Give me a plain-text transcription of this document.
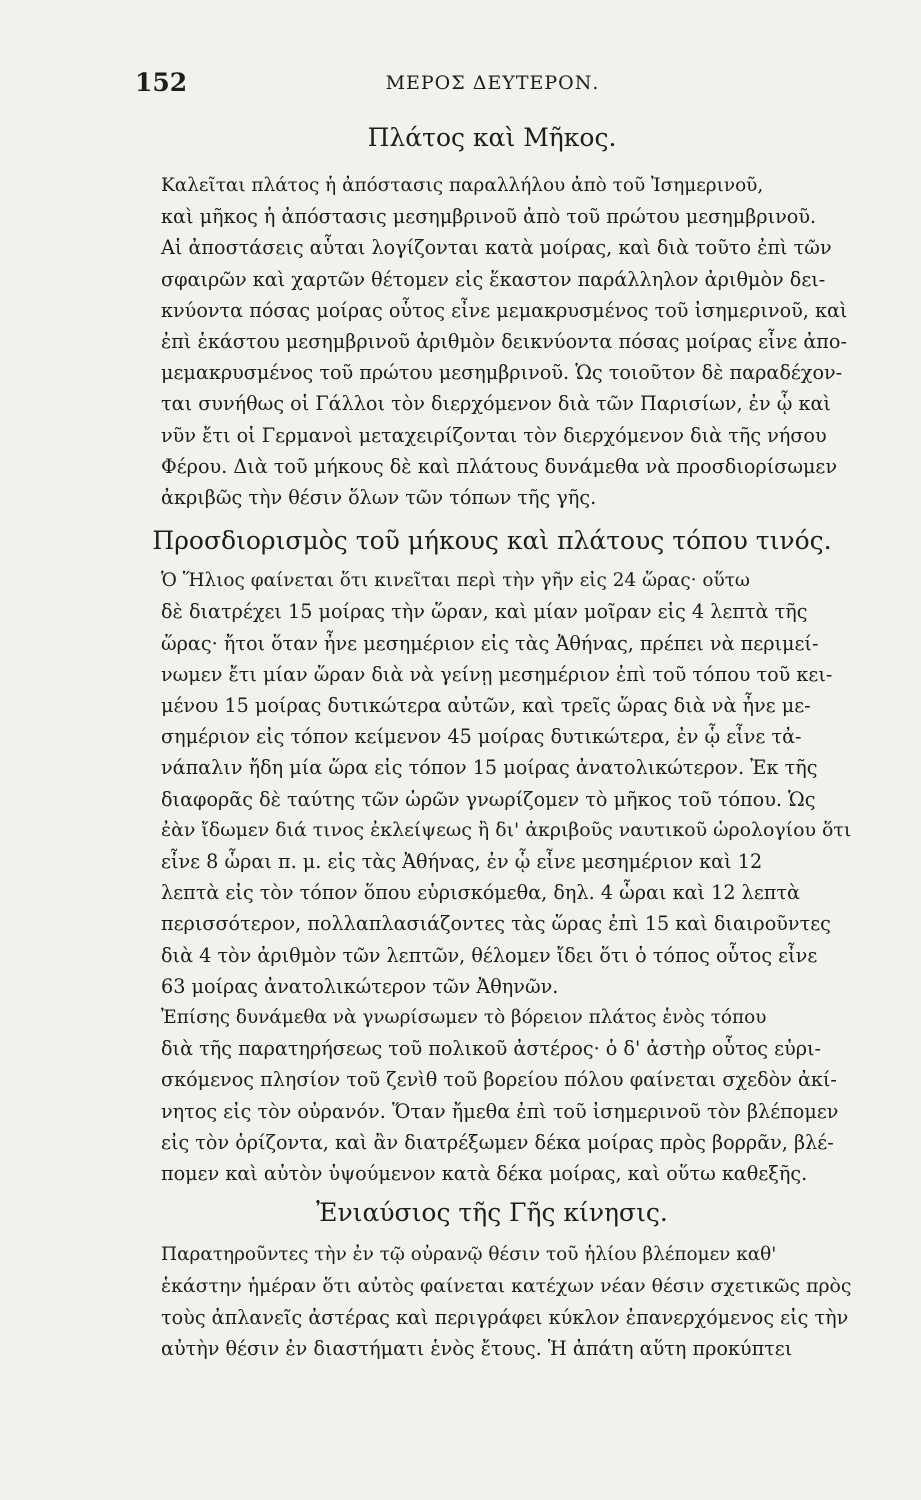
152	ΜΕΡΟΣ ΔΕΥΤΕΡΟΝ.
Πλάτος καὶ Μῆκος.

Καλεῖται πλάτος ἡ ἀπόστασις παραλλήλου ἀπὸ τοῦ Ἰσημερινοῦ,
καὶ μῆκος ἡ ἀπόστασις μεσημβρινοῦ ἀπὸ τοῦ πρώτου μεσημβρινοῦ.
Αἱ ἀποστάσεις αὗται λογίζονται κατὰ μοίρας, καὶ διὰ τοῦτο ἐπὶ τῶν
σφαιρῶν καὶ χαρτῶν θέτομεν εἰς ἕκαστον παράλληλον ἀριθμὸν δει-
κνύοντα πόσας μοίρας οὗτος εἶνε μεμακρυσμένος τοῦ ἰσημερινοῦ, καὶ
ἐπὶ ἑκάστου μεσημβρινοῦ ἀριθμὸν δεικνύοντα πόσας μοίρας εἶνε ἀπο-
μεμακρυσμένος τοῦ πρώτου μεσημβρινοῦ. Ὡς τοιοῦτον δὲ παραδέχον-
ται συνήθως οἱ Γάλλοι τὸν διερχόμενον διὰ τῶν Παρισίων, ἐν ᾧ καὶ
νῦν ἔτι οἱ Γερμανοὶ μεταχειρίζονται τὸν διερχόμενον διὰ τῆς νήσου
Φέρου. Διὰ τοῦ μήκους δὲ καὶ πλάτους δυνάμεθα νὰ προσδιορίσωμεν
ἀκριβῶς τὴν θέσιν ὅλων τῶν τόπων τῆς γῆς.

Προσδιορισμὸς τοῦ μήκους καὶ πλάτους τόπου τινός.

Ὁ Ἥλιος φαίνεται ὅτι κινεῖται περὶ τὴν γῆν εἰς 24 ὥρας· οὕτω
δὲ διατρέχει 15 μοίρας τὴν ὥραν, καὶ μίαν μοῖραν εἰς 4 λεπτὰ τῆς
ὥρας· ἤτοι ὅταν ἦνε μεσημέριον εἰς τὰς Ἀθήνας, πρέπει νὰ περιμεί-
νωμεν ἔτι μίαν ὥραν διὰ νὰ γείνῃ μεσημέριον ἐπὶ τοῦ τόπου τοῦ κει-
μένου 15 μοίρας δυτικώτερα αὐτῶν, καὶ τρεῖς ὥρας διὰ νὰ ἦνε με-
σημέριον εἰς τόπον κείμενον 45 μοίρας δυτικώτερα, ἐν ᾧ εἶνε τἀ-
νάπαλιν ἤδη μία ὥρα εἰς τόπον 15 μοίρας ἀνατολικώτερον. Ἐκ τῆς
διαφορᾶς δὲ ταύτης τῶν ὡρῶν γνωρίζομεν τὸ μῆκος τοῦ τόπου. Ὡς
ἐὰν ἴδωμεν διά τινος ἐκλείψεως ἢ δι' ἀκριβοῦς ναυτικοῦ ὡρολογίου ὅτι
εἶνε 8 ὧραι π. μ. εἰς τὰς Ἀθήνας, ἐν ᾧ εἶνε μεσημέριον καὶ 12
λεπτὰ εἰς τὸν τόπον ὅπου εὑρισκόμεθα, δηλ. 4 ὧραι καὶ 12 λεπτὰ
περισσότερον, πολλαπλασιάζοντες τὰς ὥρας ἐπὶ 15 καὶ διαιροῦντες
διὰ 4 τὸν ἀριθμὸν τῶν λεπτῶν, θέλομεν ἴδει ὅτι ὁ τόπος οὗτος εἶνε
63 μοίρας ἀνατολικώτερον τῶν Ἀθηνῶν.

Ἐπίσης δυνάμεθα νὰ γνωρίσωμεν τὸ βόρειον πλάτος ἑνὸς τόπου
διὰ τῆς παρατηρήσεως τοῦ πολικοῦ ἀστέρος· ὁ δ' ἀστὴρ οὗτος εὑρι-
σκόμενος πλησίον τοῦ ζενὶθ τοῦ βορείου πόλου φαίνεται σχεδὸν ἀκί-
νητος εἰς τὸν οὐρανόν. Ὅταν ἤμεθα ἐπὶ τοῦ ἰσημερινοῦ τὸν βλέπομεν
εἰς τὸν ὁρίζοντα, καὶ ἂν διατρέξωμεν δέκα μοίρας πρὸς βορρᾶν, βλέ-
πομεν καὶ αὐτὸν ὑψούμενον κατὰ δέκα μοίρας, καὶ οὕτω καθεξῆς.

Ἐνιαύσιος τῆς Γῆς κίνησις.

Παρατηροῦντες τὴν ἐν τῷ οὐρανῷ θέσιν τοῦ ἡλίου βλέπομεν καθ'
ἑκάστην ἡμέραν ὅτι αὐτὸς φαίνεται κατέχων νέαν θέσιν σχετικῶς πρὸς
τοὺς ἀπλανεῖς ἀστέρας καὶ περιγράφει κύκλον ἐπανερχόμενος εἰς τὴν
αὐτὴν θέσιν ἐν διαστήματι ἑνὸς ἔτους. Ἡ ἀπάτη αὕτη προκύπτει
